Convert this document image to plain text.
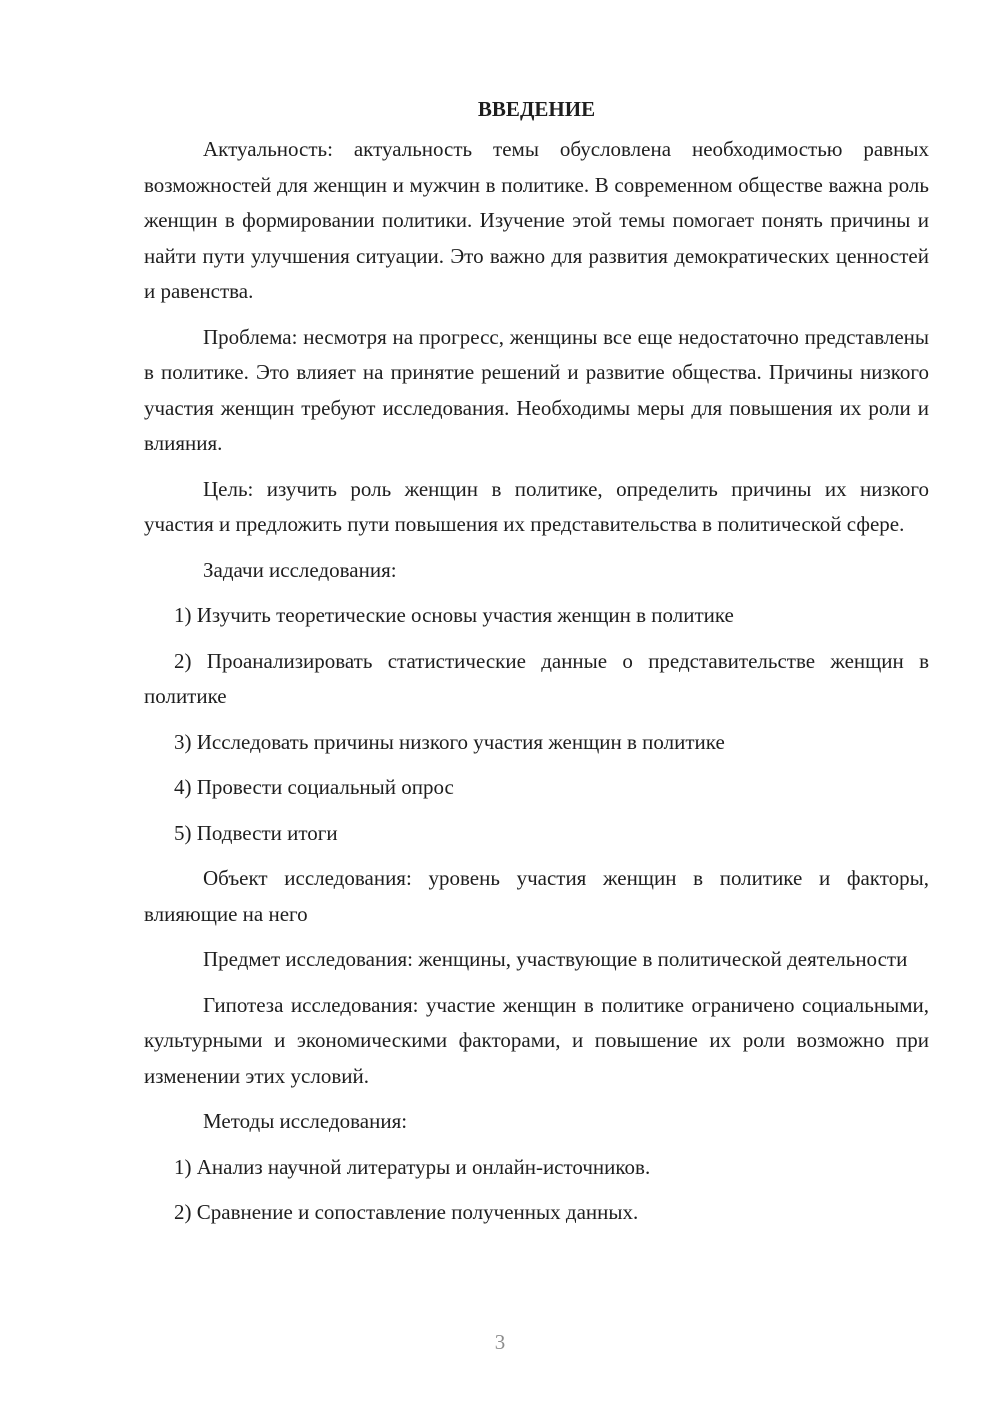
ВВЕДЕНИЕ

Актуальность: актуальность темы обусловлена необходимостью равных возможностей для женщин и мужчин в политике. В современном обществе важна роль женщин в формировании политики. Изучение этой темы помогает понять причины и найти пути улучшения ситуации. Это важно для развития демократических ценностей и равенства.

Проблема: несмотря на прогресс, женщины все еще недостаточно представлены в политике. Это влияет на принятие решений и развитие общества. Причины низкого участия женщин требуют исследования. Необходимы меры для повышения их роли и влияния.

Цель: изучить роль женщин в политике, определить причины их низкого участия и предложить пути повышения их представительства в политической сфере.

Задачи исследования:

1) Изучить теоретические основы участия женщин в политике

2) Проанализировать статистические данные о представительстве женщин в политике

3) Исследовать причины низкого участия женщин в политике

4) Провести социальный опрос

5) Подвести итоги

Объект исследования: уровень участия женщин в политике и факторы, влияющие на него

Предмет исследования: женщины, участвующие в политической деятельности

Гипотеза исследования: участие женщин в политике ограничено социальными, культурными и экономическими факторами, и повышение их роли возможно при изменении этих условий.

Методы исследования:

1) Анализ научной литературы и онлайн-источников.

2) Сравнение и сопоставление полученных данных.

3
